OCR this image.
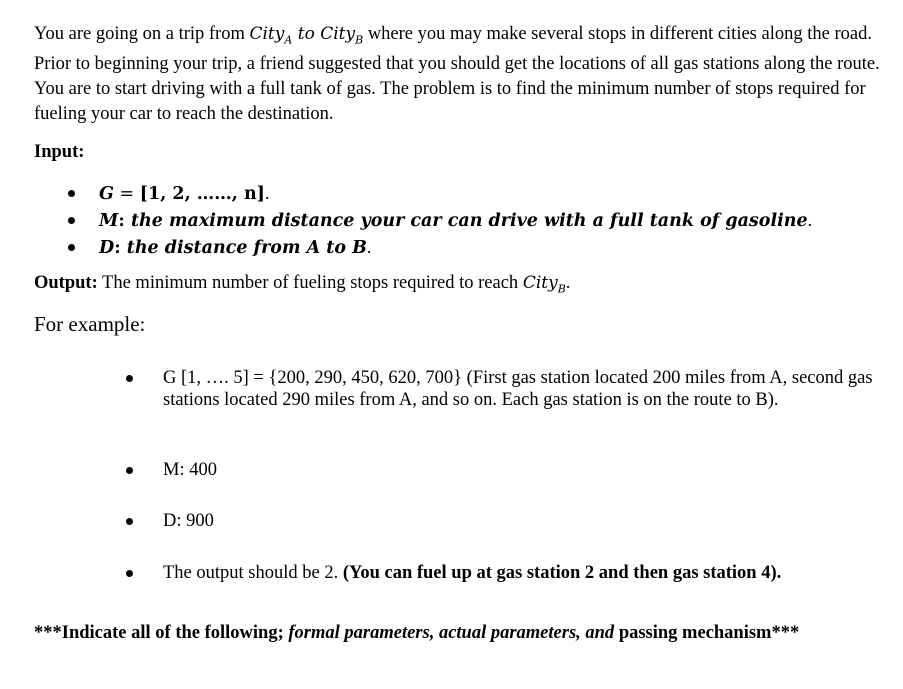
You are going on a trip from City$_A$ to City$_B$ where you may make several stops in different cities along the road. Prior to beginning your trip, a friend suggested that you should get the locations of all gas stations along the route. You are to start driving with a full tank of gas. The problem is to find the minimum number of stops required for fueling your car to reach the destination.

Input:

G = [1, 2, ……, n].
M: the maximum distance your car can drive with a full tank of gasoline.
D: the distance from A to B.

Output: The minimum number of fueling stops required to reach City$_B$.

For example:

G [1, …. 5] = {200, 290, 450, 620, 700} (First gas station located 200 miles from A, second gas stations located 290 miles from A, and so on. Each gas station is on the route to B).
M: 400
D: 900
The output should be 2. (You can fuel up at gas station 2 and then gas station 4).

***Indicate all of the following; formal parameters, actual parameters, and passing mechanism***
